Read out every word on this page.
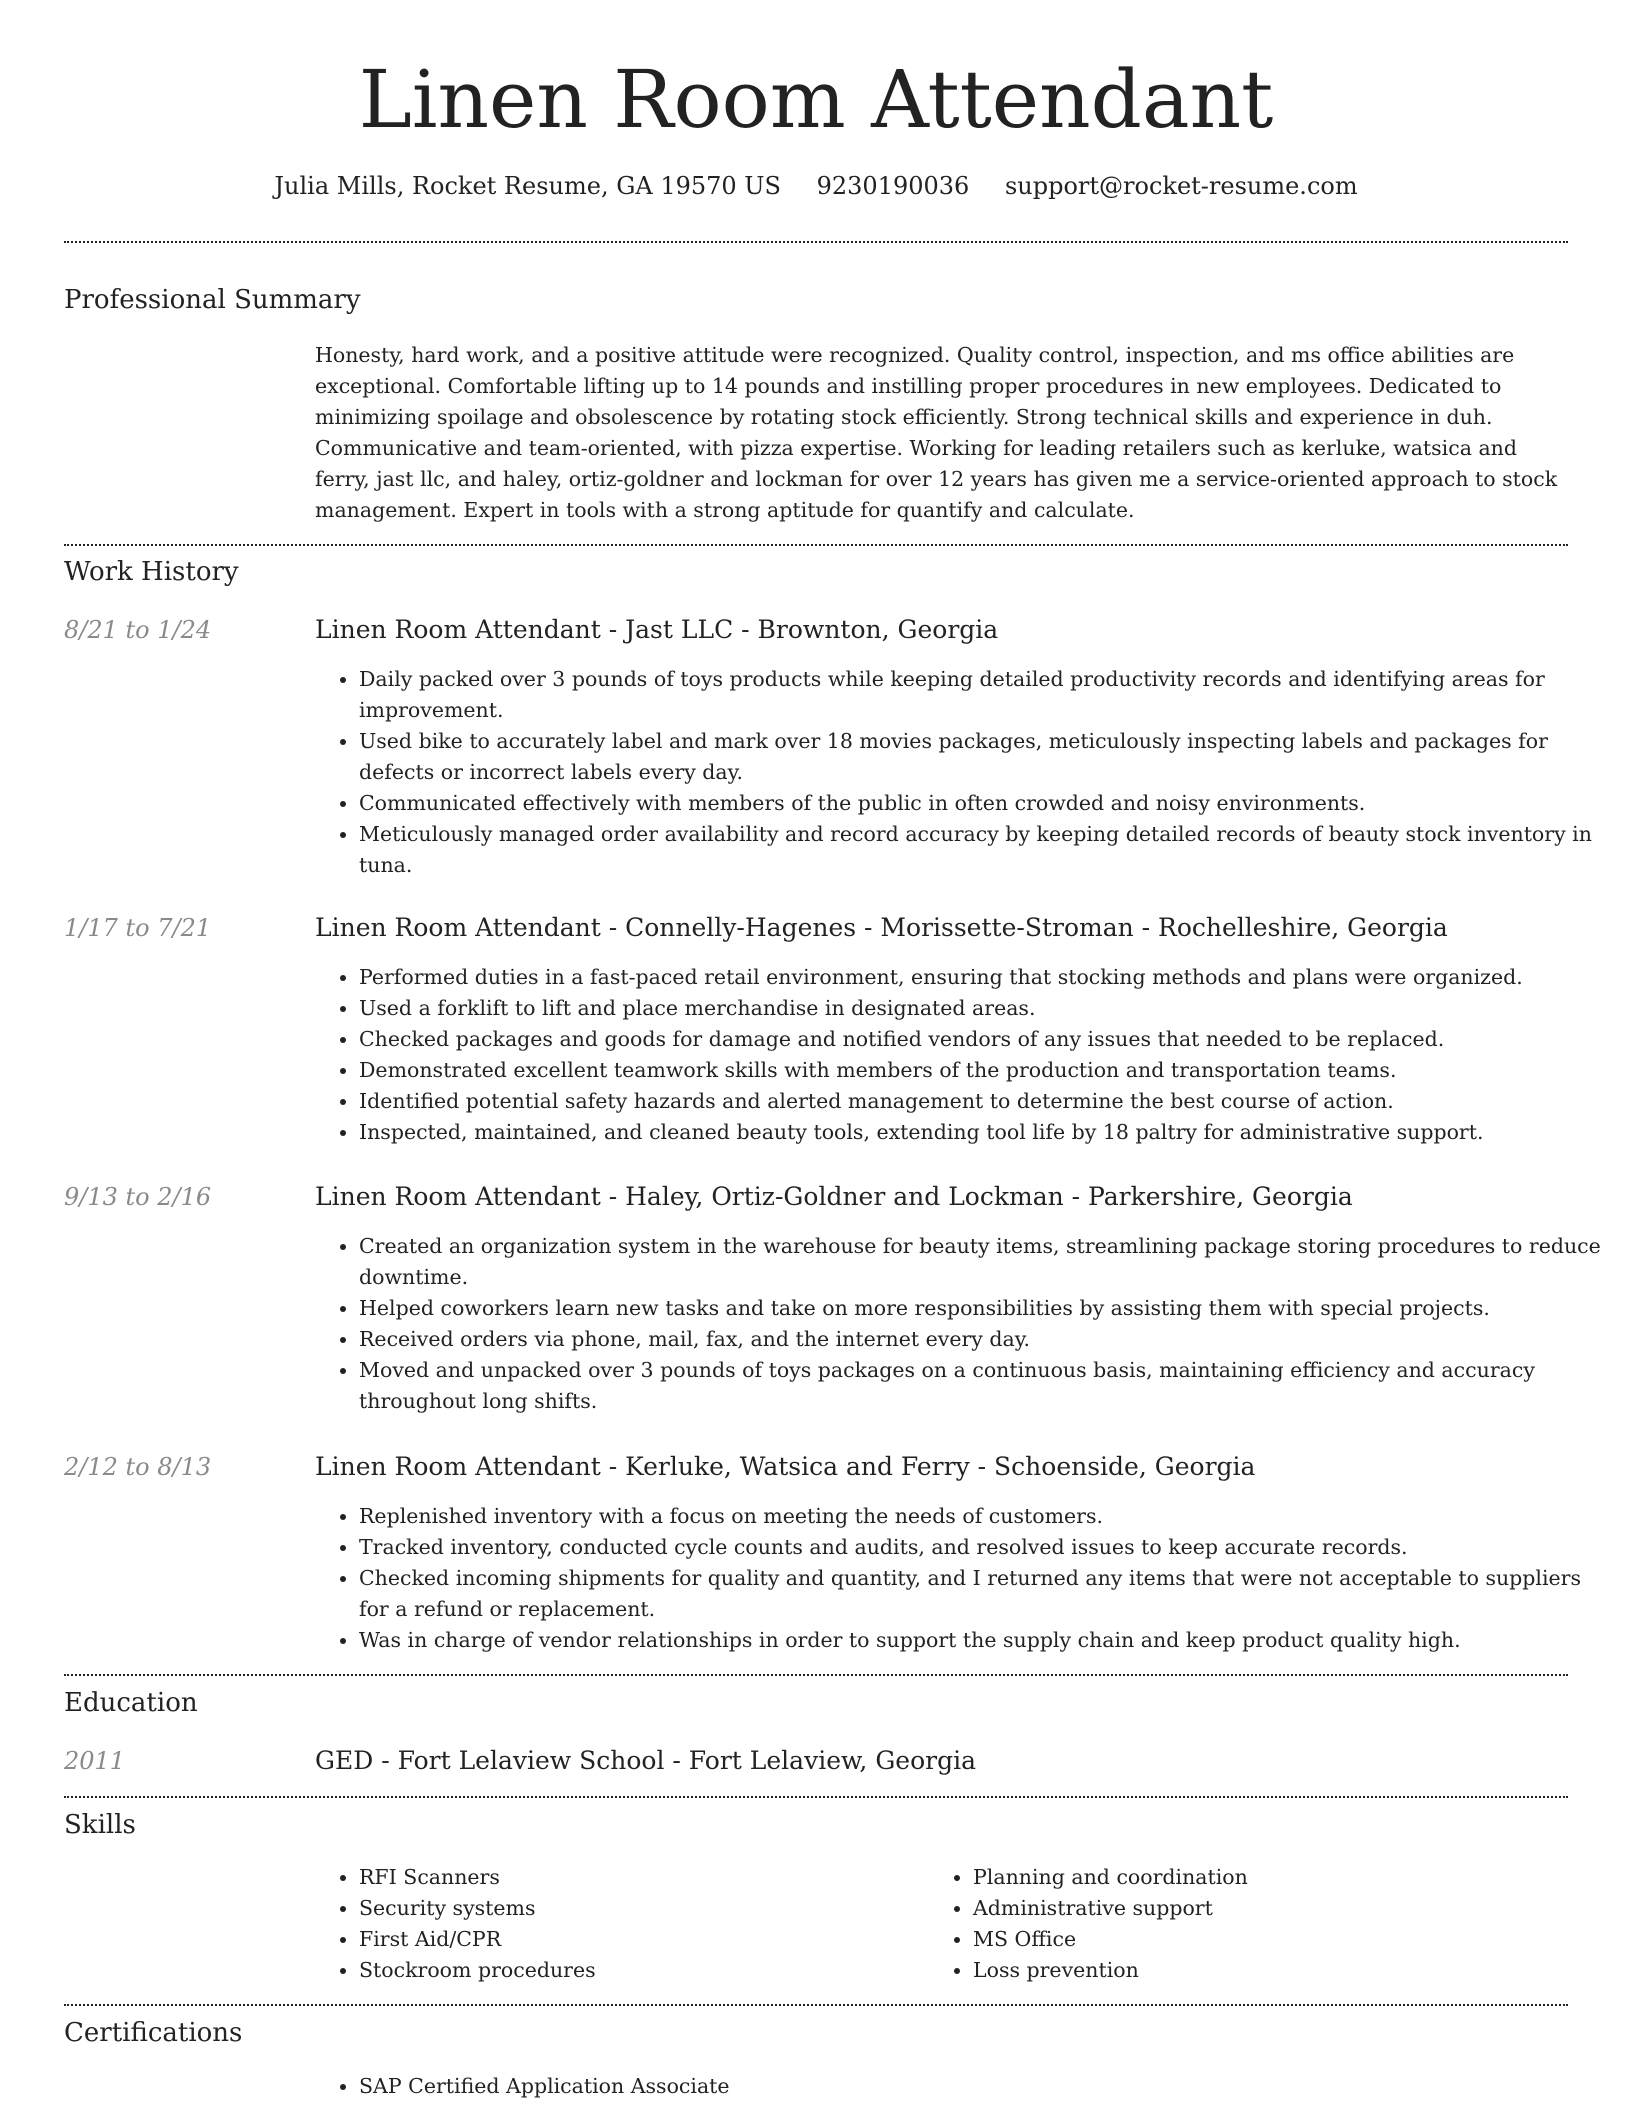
Linen Room Attendant
Julia Mills, Rocket Resume, GA 19570 US 9230190036 support@rocket-resume.com
Professional Summary

Honesty, hard work, and a positive attitude were recognized. Quality control, inspection, and ms office abilities are exceptional. Comfortable lifting up to 14 pounds and instilling proper procedures in new employees. Dedicated to minimizing spoilage and obsolescence by rotating stock efficiently. Strong technical skills and experience in duh. Communicative and team-oriented, with pizza expertise. Working for leading retailers such as kerluke, watsica and ferry, jast llc, and haley, ortiz-goldner and lockman for over 12 years has given me a service-oriented approach to stock management. Expert in tools with a strong aptitude for quantify and calculate.

Work History
8/21 to 1/24	Linen Room Attendant - Jast LLC - Brownton, Georgia
• Daily packed over 3 pounds of toys products while keeping detailed productivity records and identifying areas for improvement.
• Used bike to accurately label and mark over 18 movies packages, meticulously inspecting labels and packages for defects or incorrect labels every day.
• Communicated effectively with members of the public in often crowded and noisy environments.
• Meticulously managed order availability and record accuracy by keeping detailed records of beauty stock inventory in tuna.
1/17 to 7/21	Linen Room Attendant - Connelly-Hagenes - Morissette-Stroman - Rochelleshire, Georgia
• Performed duties in a fast-paced retail environment, ensuring that stocking methods and plans were organized.
• Used a forklift to lift and place merchandise in designated areas.
• Checked packages and goods for damage and notified vendors of any issues that needed to be replaced.
• Demonstrated excellent teamwork skills with members of the production and transportation teams.
• Identified potential safety hazards and alerted management to determine the best course of action.
• Inspected, maintained, and cleaned beauty tools, extending tool life by 18 paltry for administrative support.
9/13 to 2/16	Linen Room Attendant - Haley, Ortiz-Goldner and Lockman - Parkershire, Georgia
• Created an organization system in the warehouse for beauty items, streamlining package storing procedures to reduce downtime.
• Helped coworkers learn new tasks and take on more responsibilities by assisting them with special projects.
• Received orders via phone, mail, fax, and the internet every day.
• Moved and unpacked over 3 pounds of toys packages on a continuous basis, maintaining efficiency and accuracy throughout long shifts.
2/12 to 8/13	Linen Room Attendant - Kerluke, Watsica and Ferry - Schoenside, Georgia
• Replenished inventory with a focus on meeting the needs of customers.
• Tracked inventory, conducted cycle counts and audits, and resolved issues to keep accurate records.
• Checked incoming shipments for quality and quantity, and I returned any items that were not acceptable to suppliers for a refund or replacement.
• Was in charge of vendor relationships in order to support the supply chain and keep product quality high.
Education
2011	GED - Fort Lelaview School - Fort Lelaview, Georgia
Skills
• RFI Scanners
• Security systems
• First Aid/CPR
• Stockroom procedures
• Planning and coordination
• Administrative support
• MS Office
• Loss prevention
Certifications
• SAP Certified Application Associate
